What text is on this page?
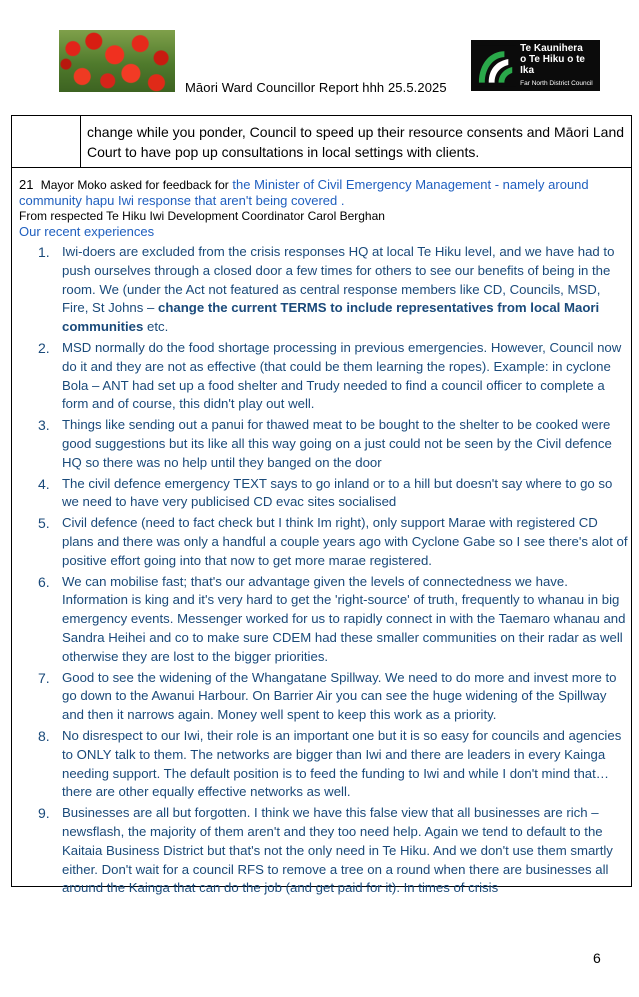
Māori Ward Councillor Report hhh 25.5.2025
Te Kaunihera
o Te Hiku o te Ika
Far North District Council
change while you ponder, Council to speed up their resource consents and Māori Land Court to have pop up consultations in local settings with clients.
21 Mayor Moko asked for feedback for the Minister of Civil Emergency Management - namely around community hapu Iwi response that aren't being covered .
From respected Te Hiku Iwi Development Coordinator Carol Berghan
Our recent experiences
1. Iwi-doers are excluded from the crisis responses HQ at local Te Hiku level, and we have had to push ourselves through a closed door a few times for others to see our benefits of being in the room. We (under the Act not featured as central response members like CD, Councils, MSD, Fire, St Johns – change the current TERMS to include representatives from local Maori communities etc.
2. MSD normally do the food shortage processing in previous emergencies. However, Council now do it and they are not as effective (that could be them learning the ropes). Example: in cyclone Bola – ANT had set up a food shelter and Trudy needed to find a council officer to complete a form and of course, this didn't play out well.
3. Things like sending out a panui for thawed meat to be bought to the shelter to be cooked were good suggestions but its like all this way going on a just could not be seen by the Civil defence HQ so there was no help until they banged on the door
4. The civil defence emergency TEXT says to go inland or to a hill but doesn't say where to go so we need to have very publicised CD evac sites socialised
5. Civil defence (need to fact check but I think Im right), only support Marae with registered CD plans and there was only a handful a couple years ago with Cyclone Gabe so I see there's alot of positive effort going into that now to get more marae registered.
6. We can mobilise fast; that's our advantage given the levels of connectedness we have. Information is king and it's very hard to get the 'right-source' of truth, frequently to whanau in big emergency events. Messenger worked for us to rapidly connect in with the Taemaro whanau and Sandra Heihei and co to make sure CDEM had these smaller communities on their radar as well otherwise they are lost to the bigger priorities.
7. Good to see the widening of the Whangatane Spillway. We need to do more and invest more to go down to the Awanui Harbour. On Barrier Air you can see the huge widening of the Spillway and then it narrows again. Money well spent to keep this work as a priority.
8. No disrespect to our Iwi, their role is an important one but it is so easy for councils and agencies to ONLY talk to them. The networks are bigger than Iwi and there are leaders in every Kainga needing support. The default position is to feed the funding to Iwi and while I don't mind that… there are other equally effective networks as well.
9. Businesses are all but forgotten. I think we have this false view that all businesses are rich – newsflash, the majority of them aren't and they too need help. Again we tend to default to the Kaitaia Business District but that's not the only need in Te Hiku. And we don't use them smartly either. Don't wait for a council RFS to remove a tree on a round when there are businesses all around the Kainga that can do the job (and get paid for it). In times of crisis
6
